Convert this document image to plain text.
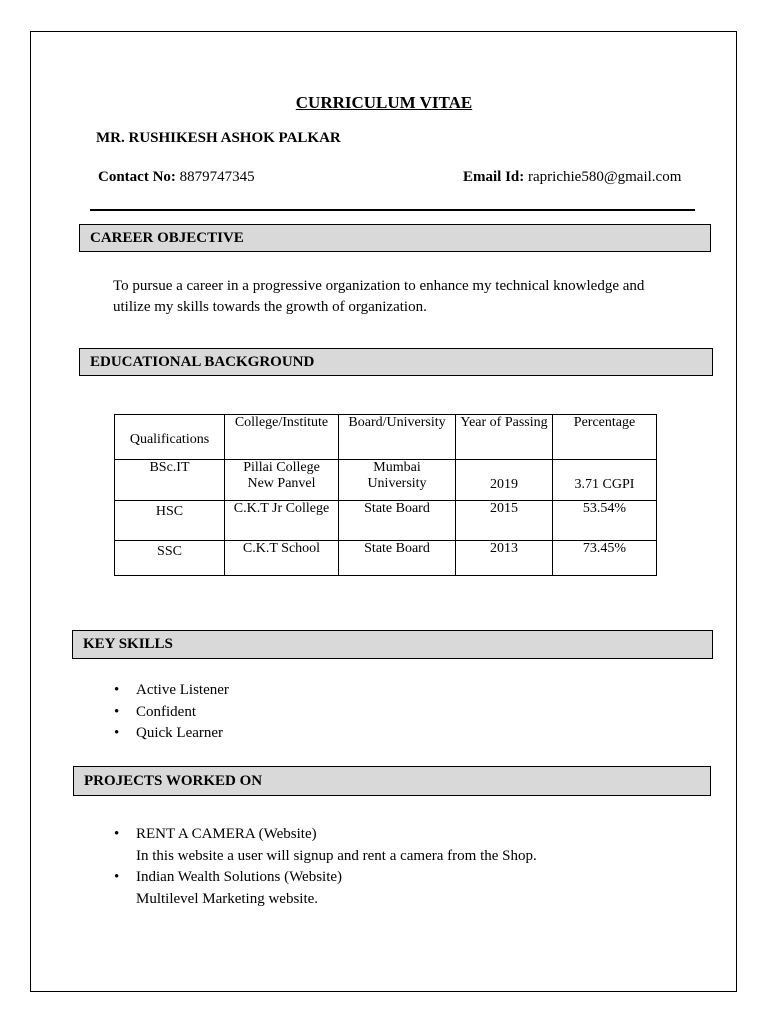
CURRICULUM VITAE
MR. RUSHIKESH ASHOK PALKAR
Contact No: 8879747345	Email Id: raprichie580@gmail.com
CAREER OBJECTIVE
To pursue a career in a progressive organization to enhance my technical knowledge and utilize my skills towards the growth of organization.
EDUCATIONAL BACKGROUND
Qualifications	College/Institute	Board/University	Year of Passing	Percentage
BSc.IT	Pillai College New Panvel	Mumbai University	2019	3.71 CGPI
HSC	C.K.T Jr College	State Board	2015	53.54%
SSC	C.K.T School	State Board	2013	73.45%
KEY SKILLS
• Active Listener
• Confident
• Quick Learner
PROJECTS WORKED ON
• RENT A CAMERA (Website)
In this website a user will signup and rent a camera from the Shop.
• Indian Wealth Solutions (Website)
Multilevel Marketing website.
